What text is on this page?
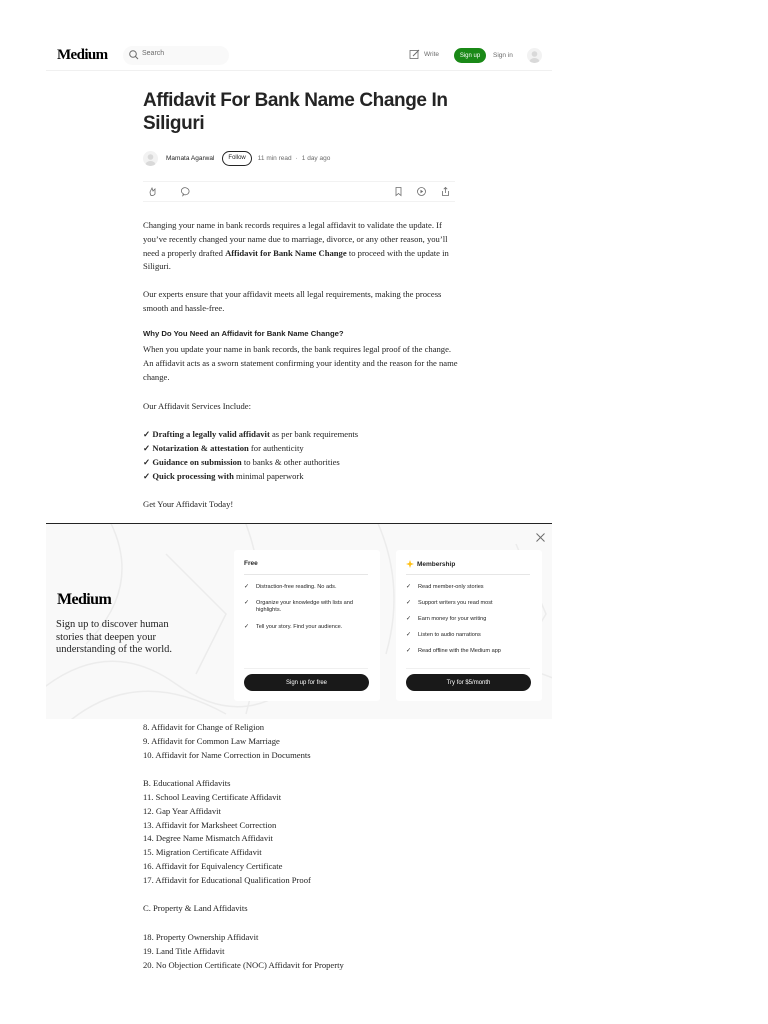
Medium	Search	Write	Sign up	Sign in
Affidavit For Bank Name Change In Siliguri
Mamata Agarwal	Follow	11 min read · 1 day ago

Changing your name in bank records requires a legal affidavit to validate the update. If you’ve recently changed your name due to marriage, divorce, or any other reason, you’ll need a properly drafted Affidavit for Bank Name Change to proceed with the update in Siliguri.

Our experts ensure that your affidavit meets all legal requirements, making the process smooth and hassle-free.

Why Do You Need an Affidavit for Bank Name Change?

When you update your name in bank records, the bank requires legal proof of the change. An affidavit acts as a sworn statement confirming your identity and the reason for the name change.

Our Affidavit Services Include:
✓ Drafting a legally valid affidavit as per bank requirements
✓ Notarization & attestation for authenticity
✓ Guidance on submission to banks & other authorities
✓ Quick processing with minimal paperwork
Get Your Affidavit Today!
Medium
Sign up to discover human stories that deepen your understanding of the world.
Free
✓	Distraction-free reading. No ads.
✓	Organize your knowledge with lists and highlights.
✓	Tell your story. Find your audience.
Sign up for free
Membership
✓	Read member-only stories
✓	Support writers you read most
✓	Earn money for your writing
✓	Listen to audio narrations
✓	Read offline with the Medium app
Try for $5/month
8. Affidavit for Change of Religion
9. Affidavit for Common Law Marriage
10. Affidavit for Name Correction in Documents
B. Educational Affidavits
11. School Leaving Certificate Affidavit
12. Gap Year Affidavit
13. Affidavit for Marksheet Correction
14. Degree Name Mismatch Affidavit
15. Migration Certificate Affidavit
16. Affidavit for Equivalency Certificate
17. Affidavit for Educational Qualification Proof
C. Property & Land Affidavits
18. Property Ownership Affidavit
19. Land Title Affidavit
20. No Objection Certificate (NOC) Affidavit for Property
